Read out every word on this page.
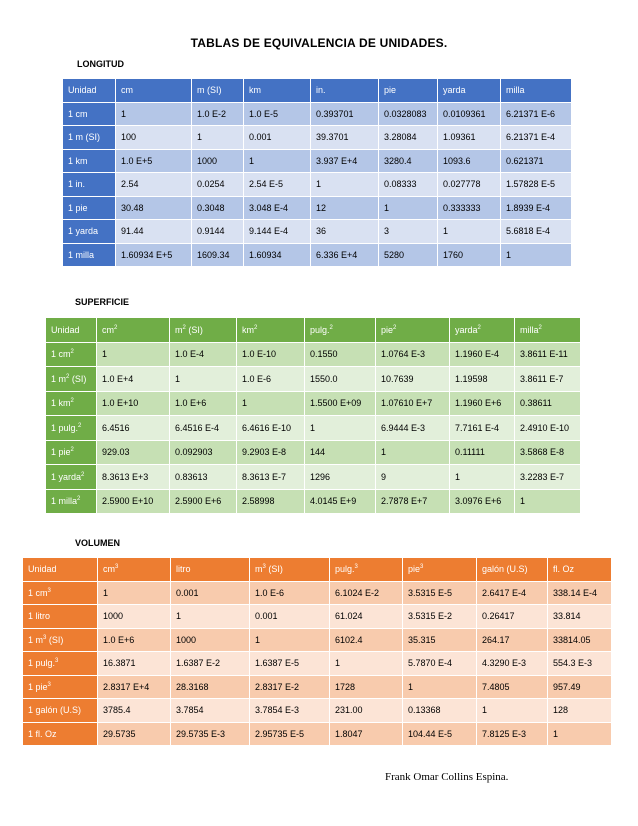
TABLAS DE EQUIVALENCIA DE UNIDADES.
LONGITUD
Unidad	cm	m (SI)	km	in.	pie	yarda	milla
1 cm	1	1.0 E-2	1.0 E-5	0.393701	0.0328083	0.0109361	6.21371 E-6
1 m (SI)	100	1	0.001	39.3701	3.28084	1.09361	6.21371 E-4
1 km	1.0 E+5	1000	1	3.937 E+4	3280.4	1093.6	0.621371
1 in.	2.54	0.0254	2.54 E-5	1	0.08333	0.027778	1.57828 E-5
1 pie	30.48	0.3048	3.048 E-4	12	1	0.333333	1.8939 E-4
1 yarda	91.44	0.9144	9.144 E-4	36	3	1	5.6818 E-4
1 milla	1.60934 E+5	1609.34	1.60934	6.336 E+4	5280	1760	1
SUPERFICIE
Unidad	$cm^2$	$m^2$ (SI)	$km^2$	pulg.$^2$	pie$^2$	yarda$^2$	milla$^2$
1 $cm^2$	1	1.0 E-4	1.0 E-10	0.1550	1.0764 E-3	1.1960 E-4	3.8611 E-11
1 $m^2$ (SI)	1.0 E+4	1	1.0 E-6	1550.0	10.7639	1.19598	3.8611 E-7
1 $km^2$	1.0 E+10	1.0 E+6	1	1.5500 E+09	1.07610 E+7	1.1960 E+6	0.38611
1 pulg.$^2$	6.4516	6.4516 E-4	6.4616 E-10	1	6.9444 E-3	7.7161 E-4	2.4910 E-10
1 pie$^2$	929.03	0.092903	9.2903 E-8	144	1	0.11111	3.5868 E-8
1 yarda$^2$	8.3613 E+3	0.83613	8.3613 E-7	1296	9	1	3.2283 E-7
1 milla$^2$	2.5900 E+10	2.5900 E+6	2.58998	4.0145 E+9	2.7878 E+7	3.0976 E+6	1
VOLUMEN
Unidad	$cm^3$	litro	$m^3$ (SI)	pulg.$^3$	pie$^3$	galón (U.S)	fl. Oz
1 $cm^3$	1	0.001	1.0 E-6	6.1024 E-2	3.5315 E-5	2.6417 E-4	338.14 E-4
1 litro	1000	1	0.001	61.024	3.5315 E-2	0.26417	33.814
1 $m^3$ (SI)	1.0 E+6	1000	1	6102.4	35.315	264.17	33814.05
1 pulg.$^3$	16.3871	1.6387 E-2	1.6387 E-5	1	5.7870 E-4	4.3290 E-3	554.3 E-3
1 pie$^3$	2.8317 E+4	28.3168	2.8317 E-2	1728	1	7.4805	957.49
1 galón (U.S)	3785.4	3.7854	3.7854 E-3	231.00	0.13368	1	128
1 fl. Oz	29.5735	29.5735 E-3	2.95735 E-5	1.8047	104.44 E-5	7.8125 E-3	1
Frank Omar Collins Espina.
